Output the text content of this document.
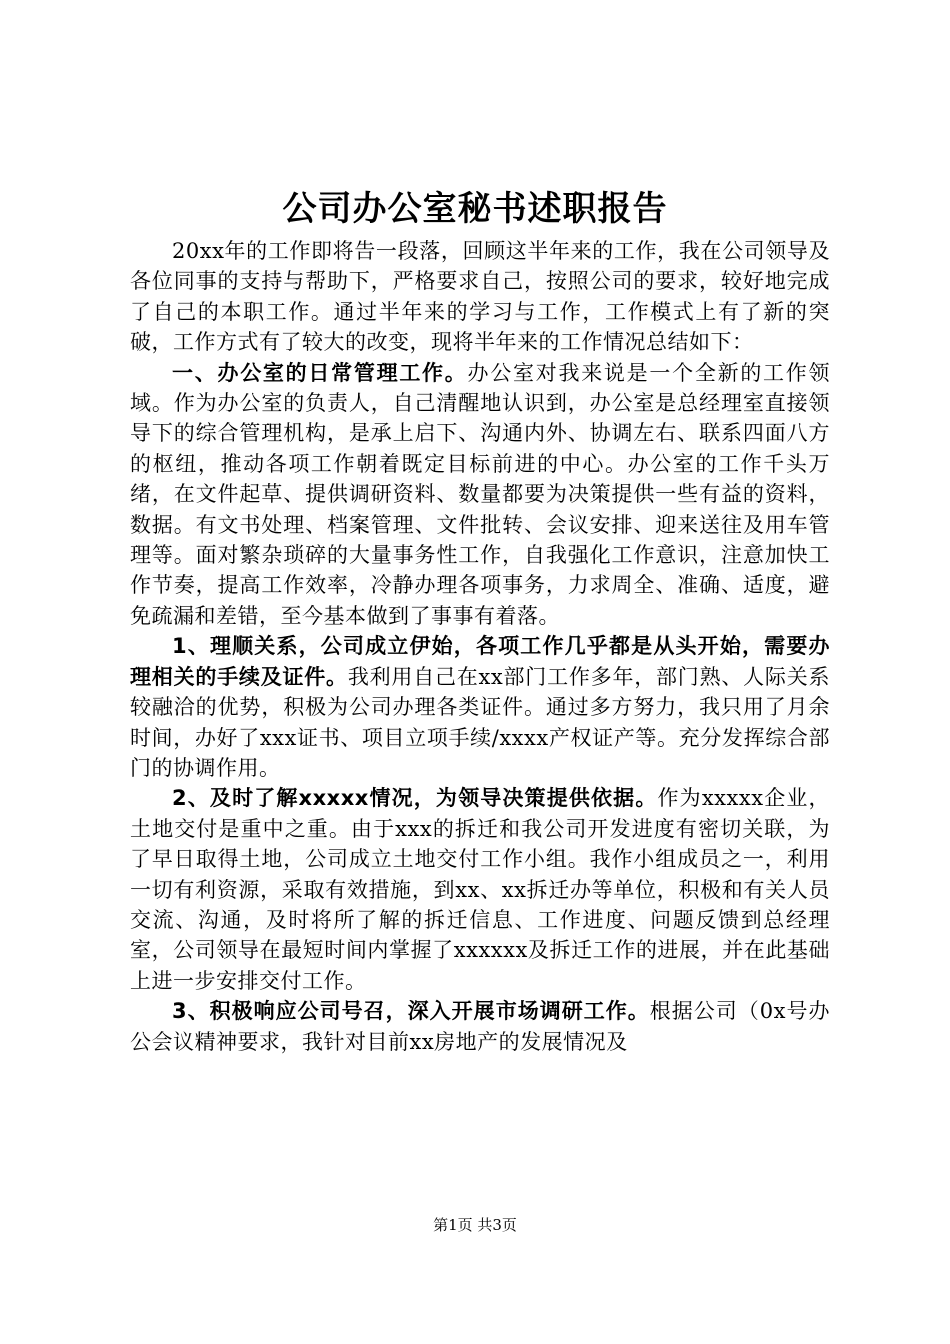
公司办公室秘书述职报告

20xx年的工作即将告一段落，回顾这半年来的工作，我在公司领导及各位同事的支持与帮助下，严格要求自己，按照公司的要求，较好地完成了自己的本职工作。通过半年来的学习与工作，工作模式上有了新的突破，工作方式有了较大的改变，现将半年来的工作情况总结如下：

一、办公室的日常管理工作。办公室对我来说是一个全新的工作领域。作为办公室的负责人，自己清醒地认识到，办公室是总经理室直接领导下的综合管理机构，是承上启下、沟通内外、协调左右、联系四面八方的枢纽，推动各项工作朝着既定目标前进的中心。办公室的工作千头万绪，在文件起草、提供调研资料、数量都要为决策提供一些有益的资料，数据。有文书处理、档案管理、文件批转、会议安排、迎来送往及用车管理等。面对繁杂琐碎的大量事务性工作，自我强化工作意识，注意加快工作节奏，提高工作效率，冷静办理各项事务，力求周全、准确、适度，避免疏漏和差错，至今基本做到了事事有着落。

1、理顺关系，公司成立伊始，各项工作几乎都是从头开始，需要办理相关的手续及证件。我利用自己在xx部门工作多年，部门熟、人际关系较融洽的优势，积极为公司办理各类证件。通过多方努力，我只用了月余时间，办好了xxx证书、项目立项手续/xxxx产权证产等。充分发挥综合部门的协调作用。

2、及时了解xxxxx情况，为领导决策提供依据。作为xxxxx企业，土地交付是重中之重。由于xxx的拆迁和我公司开发进度有密切关联，为了早日取得土地，公司成立土地交付工作小组。我作小组成员之一，利用一切有利资源，采取有效措施，到xx、xx拆迁办等单位，积极和有关人员交流、沟通，及时将所了解的拆迁信息、工作进度、问题反馈到总经理室，公司领导在最短时间内掌握了xxxxxx及拆迁工作的进展，并在此基础上进一步安排交付工作。

3、积极响应公司号召，深入开展市场调研工作。根据公司（0x号办公会议精神要求，我针对目前xx房地产的发展情况及

第1页 共3页
